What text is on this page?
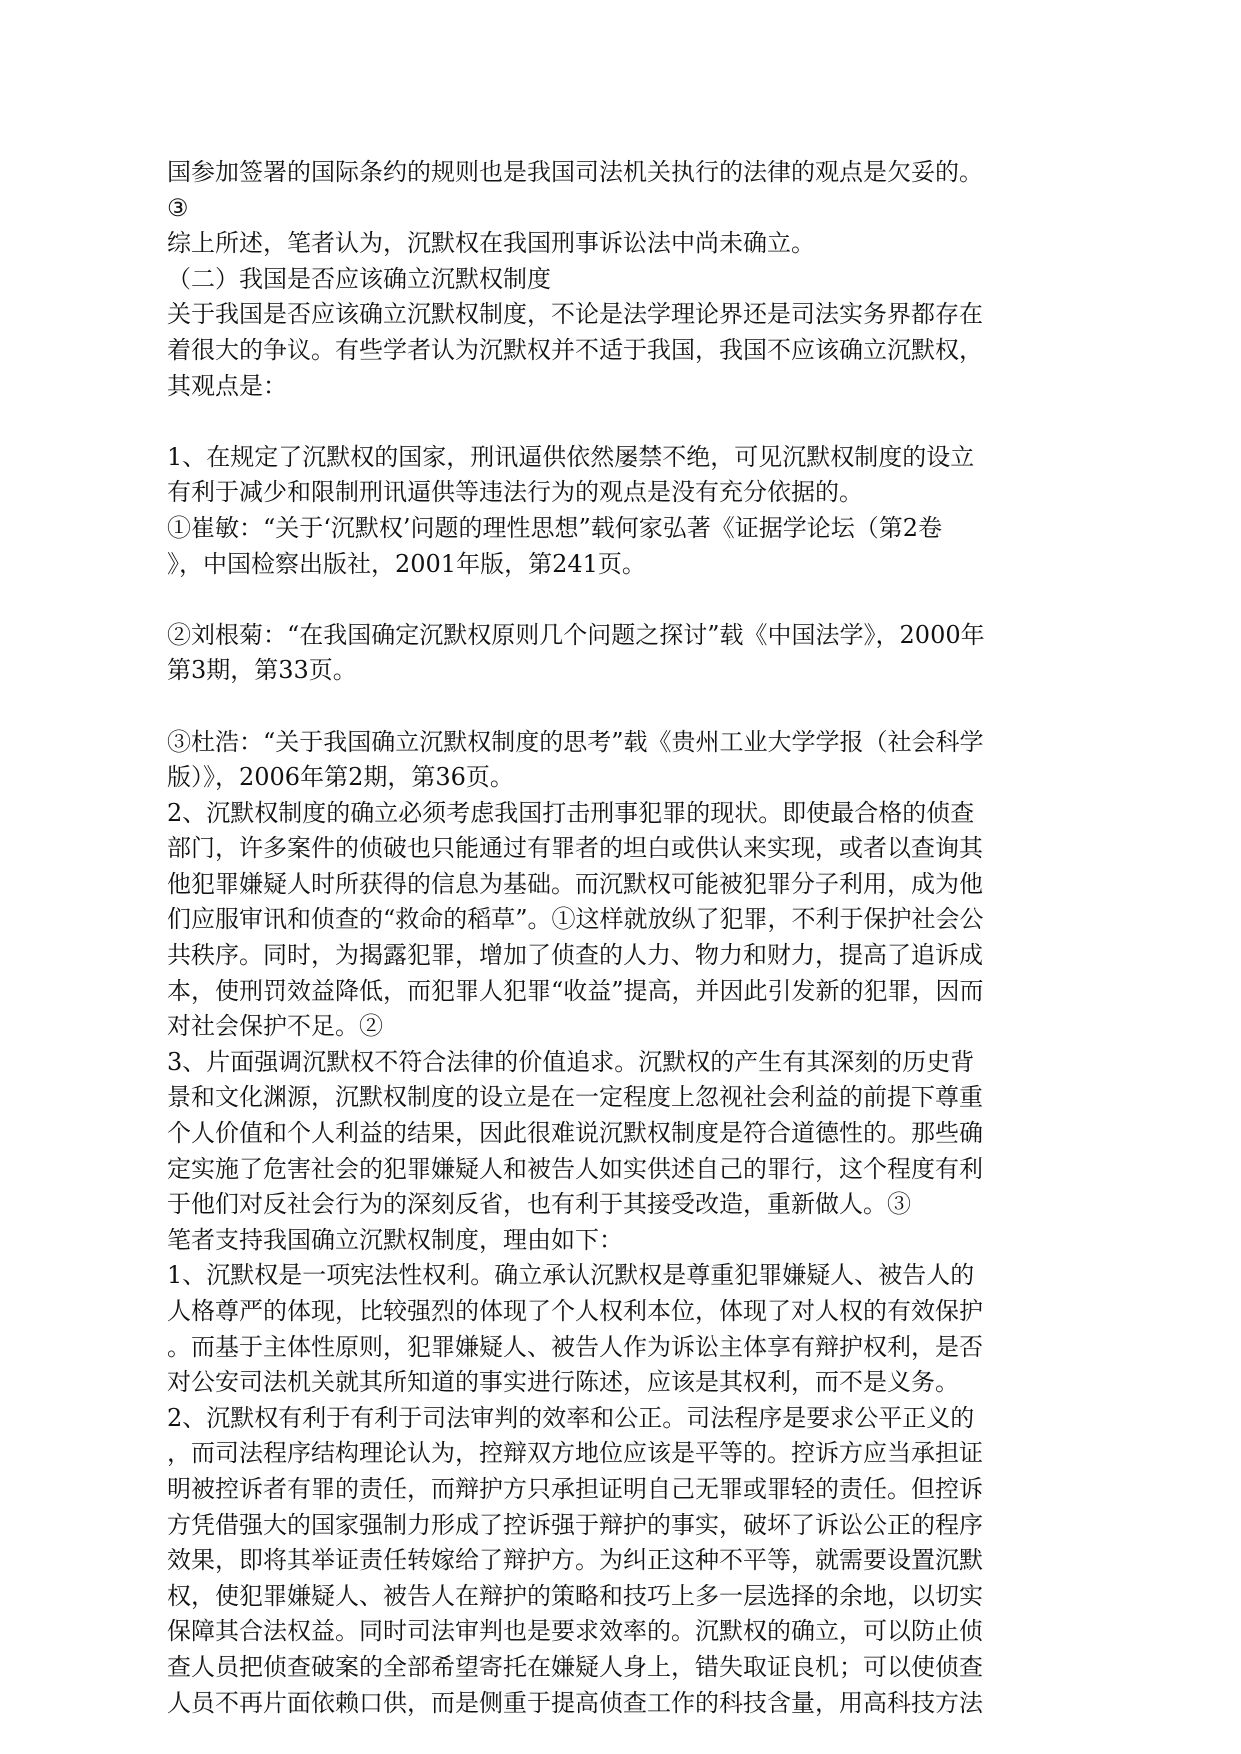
国参加签署的国际条约的规则也是我国司法机关执行的法律的观点是欠妥的。
③
综上所述，笔者认为，沉默权在我国刑事诉讼法中尚未确立。
（二）我国是否应该确立沉默权制度
关于我国是否应该确立沉默权制度，不论是法学理论界还是司法实务界都存在
着很大的争议。有些学者认为沉默权并不适于我国，我国不应该确立沉默权，
其观点是：
1、在规定了沉默权的国家，刑讯逼供依然屡禁不绝，可见沉默权制度的设立
有利于减少和限制刑讯逼供等违法行为的观点是没有充分依据的。
①崔敏：“关于‘沉默权’问题的理性思想”载何家弘著《证据学论坛（第2卷
》，中国检察出版社，2001年版，第241页。
②刘根菊：“在我国确定沉默权原则几个问题之探讨”载《中国法学》，2000年
第3期，第33页。
③杜浩：“关于我国确立沉默权制度的思考”载《贵州工业大学学报（社会科学
版）》，2006年第2期，第36页。
2、沉默权制度的确立必须考虑我国打击刑事犯罪的现状。即使最合格的侦查
部门，许多案件的侦破也只能通过有罪者的坦白或供认来实现，或者以查询其
他犯罪嫌疑人时所获得的信息为基础。而沉默权可能被犯罪分子利用，成为他
们应服审讯和侦查的“救命的稻草”。①这样就放纵了犯罪，不利于保护社会公
共秩序。同时，为揭露犯罪，增加了侦查的人力、物力和财力，提高了追诉成
本，使刑罚效益降低，而犯罪人犯罪“收益”提高，并因此引发新的犯罪，因而
对社会保护不足。②
3、片面强调沉默权不符合法律的价值追求。沉默权的产生有其深刻的历史背
景和文化渊源，沉默权制度的设立是在一定程度上忽视社会利益的前提下尊重
个人价值和个人利益的结果，因此很难说沉默权制度是符合道德性的。那些确
定实施了危害社会的犯罪嫌疑人和被告人如实供述自己的罪行，这个程度有利
于他们对反社会行为的深刻反省，也有利于其接受改造，重新做人。③
笔者支持我国确立沉默权制度，理由如下：
1、沉默权是一项宪法性权利。确立承认沉默权是尊重犯罪嫌疑人、被告人的
人格尊严的体现，比较强烈的体现了个人权利本位，体现了对人权的有效保护
。而基于主体性原则，犯罪嫌疑人、被告人作为诉讼主体享有辩护权利，是否
对公安司法机关就其所知道的事实进行陈述，应该是其权利，而不是义务。
2、沉默权有利于有利于司法审判的效率和公正。司法程序是要求公平正义的
，而司法程序结构理论认为，控辩双方地位应该是平等的。控诉方应当承担证
明被控诉者有罪的责任，而辩护方只承担证明自己无罪或罪轻的责任。但控诉
方凭借强大的国家强制力形成了控诉强于辩护的事实，破坏了诉讼公正的程序
效果，即将其举证责任转嫁给了辩护方。为纠正这种不平等，就需要设置沉默
权，使犯罪嫌疑人、被告人在辩护的策略和技巧上多一层选择的余地，以切实
保障其合法权益。同时司法审判也是要求效率的。沉默权的确立，可以防止侦
查人员把侦查破案的全部希望寄托在嫌疑人身上，错失取证良机；可以使侦查
人员不再片面依赖口供，而是侧重于提高侦查工作的科技含量，用高科技方法
